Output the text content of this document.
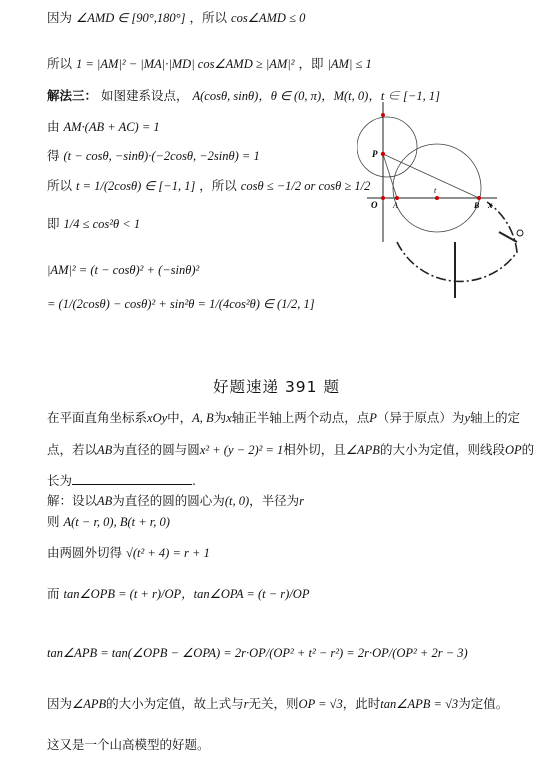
因为 ∠AMD ∈ [90°,180°] ，所以 cos∠AMD ≤ 0
所以 1 = |AM|² − |MA|·|MD| cos∠AMD ≥ |AM|² ，即 |AM| ≤ 1
解法三： 如图建系设点， A(cosθ, sinθ)，θ ∈ (0, π)，M(t, 0)，t ∈ [−1, 1]
由 AM·(AB + AC) = 1
得 (t − cosθ, −sinθ)·(−2cosθ, −2sinθ) = 1
所以 t = 1/(2cosθ) ∈ [−1, 1] ，所以 cosθ ≤ −1/2 or cosθ ≥ 1/2
即 1/4 ≤ cos²θ < 1
|AM|² = (t − cosθ)² + (−sinθ)²
= (1/(2cosθ) − cosθ)² + sin²θ = 1/(4cos²θ) ∈ (1/2, 1]
P
O A
t
B x
好题速递 391 题
在平面直角坐标系xOy中，A, B为x轴正半轴上两个动点，点P（异于原点）为y轴上的定
点，若以AB为直径的圆与圆x² + (y − 2)² = 1相外切，且∠APB的大小为定值，则线段OP的
长为	.
解：设以AB为直径的圆的圆心为(t, 0)，半径为r
则 A(t − r, 0), B(t + r, 0)
由两圆外切得 √(t² + 4) = r + 1
而 tan∠OPB = (t + r)/OP，tan∠OPA = (t − r)/OP
tan∠APB = tan(∠OPB − ∠OPA) = 2r·OP/(OP² + t² − r²) = 2r·OP/(OP² + 2r − 3)
因为∠APB的大小为定值，故上式与r无关，则OP = √3，此时tan∠APB = √3为定值。
这又是一个山高模型的好题。
